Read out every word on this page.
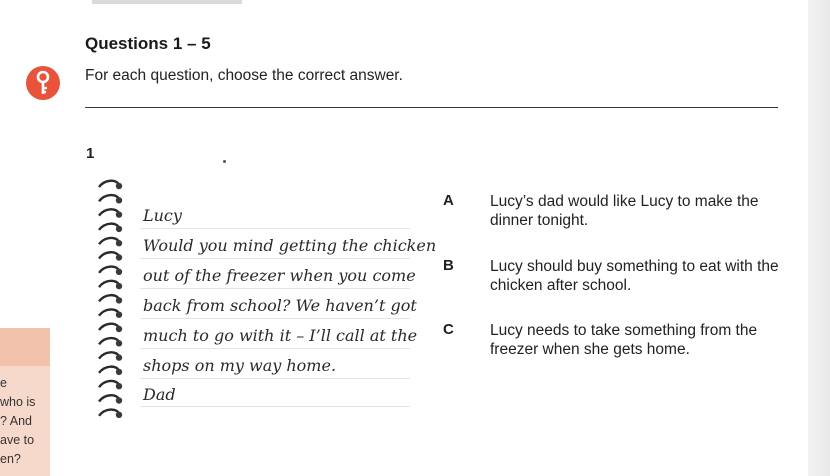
Questions 1 – 5
For each question, choose the correct answer.
1
Lucy
Would you mind getting the chicken
out of the freezer when you come
back from school? We haven’t got
much to go with it – I’ll call at the
shops on my way home.
Dad
A Lucy’s dad would like Lucy to make the dinner tonight.
B Lucy should buy something to eat with the chicken after school.
C Lucy needs to take something from the freezer when she gets home.
e
who is
? And
ave to
en?
